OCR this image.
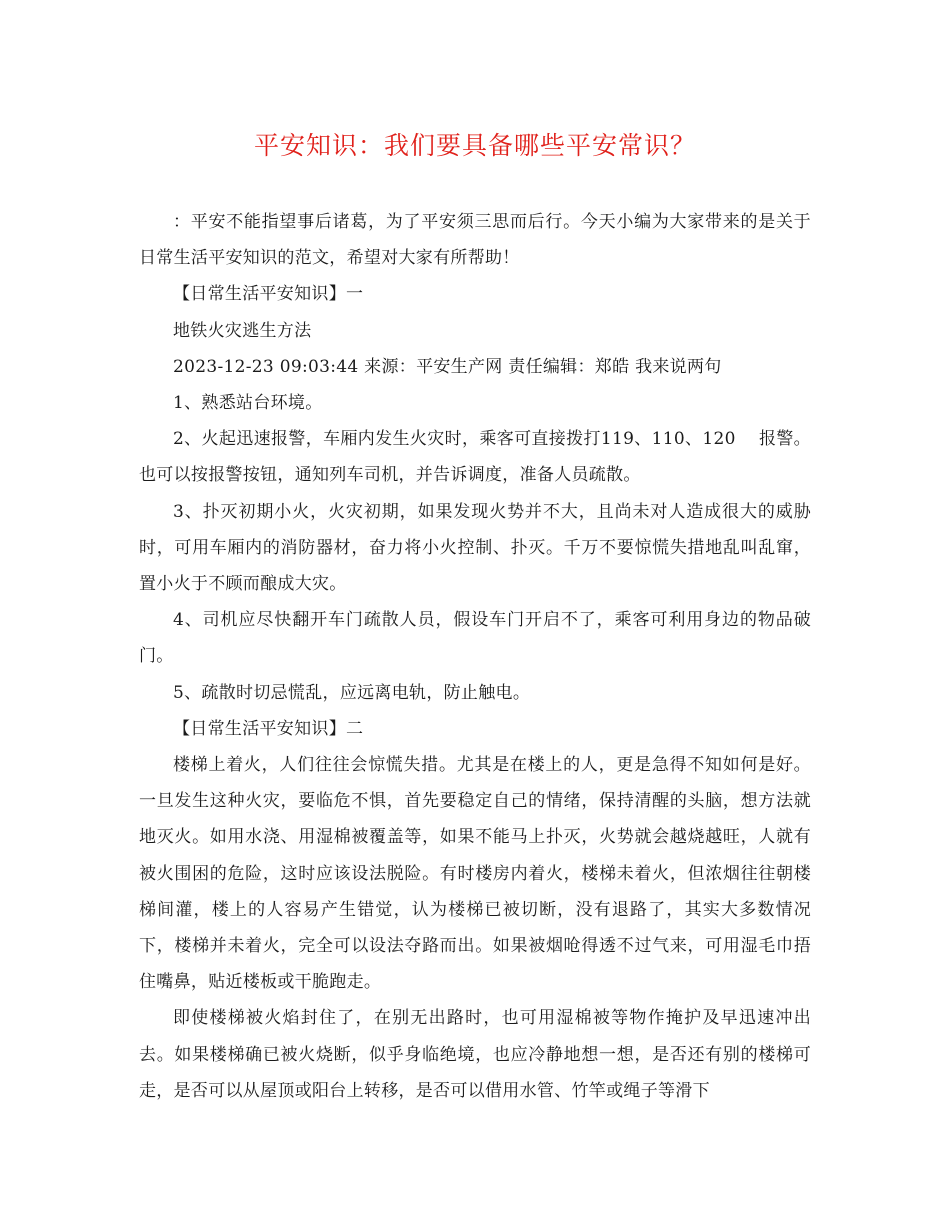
平安知识：我们要具备哪些平安常识？

：平安不能指望事后诸葛，为了平安须三思而后行。今天小编为大家带来的是关于日常生活平安知识的范文，希望对大家有所帮助！

【日常生活平安知识】一

地铁火灾逃生方法

2023-12-23 09:03:44 来源：平安生产网 责任编辑：郑皓 我来说两句

1、熟悉站台环境。

2、火起迅速报警，车厢内发生火灾时，乘客可直接拨打119、110、120　 报警。也可以按报警按钮，通知列车司机，并告诉调度，准备人员疏散。

3、扑灭初期小火，火灾初期，如果发现火势并不大，且尚未对人造成很大的威胁时，可用车厢内的消防器材，奋力将小火控制、扑灭。千万不要惊慌失措地乱叫乱窜，置小火于不顾而酿成大灾。

4、司机应尽快翻开车门疏散人员，假设车门开启不了，乘客可利用身边的物品破门。

5、疏散时切忌慌乱，应远离电轨，防止触电。

【日常生活平安知识】二

楼梯上着火，人们往往会惊慌失措。尤其是在楼上的人，更是急得不知如何是好。一旦发生这种火灾，要临危不惧，首先要稳定自己的情绪，保持清醒的头脑，想方法就地灭火。如用水浇、用湿棉被覆盖等，如果不能马上扑灭，火势就会越烧越旺，人就有被火围困的危险，这时应该设法脱险。有时楼房内着火，楼梯未着火，但浓烟往往朝楼梯间灌，楼上的人容易产生错觉，认为楼梯已被切断，没有退路了，其实大多数情况下，楼梯并未着火，完全可以设法夺路而出。如果被烟呛得透不过气来，可用湿毛巾捂住嘴鼻，贴近楼板或干脆跑走。

即使楼梯被火焰封住了，在别无出路时，也可用湿棉被等物作掩护及早迅速冲出去。如果楼梯确已被火烧断，似乎身临绝境，也应冷静地想一想，是否还有别的楼梯可走，是否可以从屋顶或阳台上转移，是否可以借用水管、竹竿或绳子等滑下
